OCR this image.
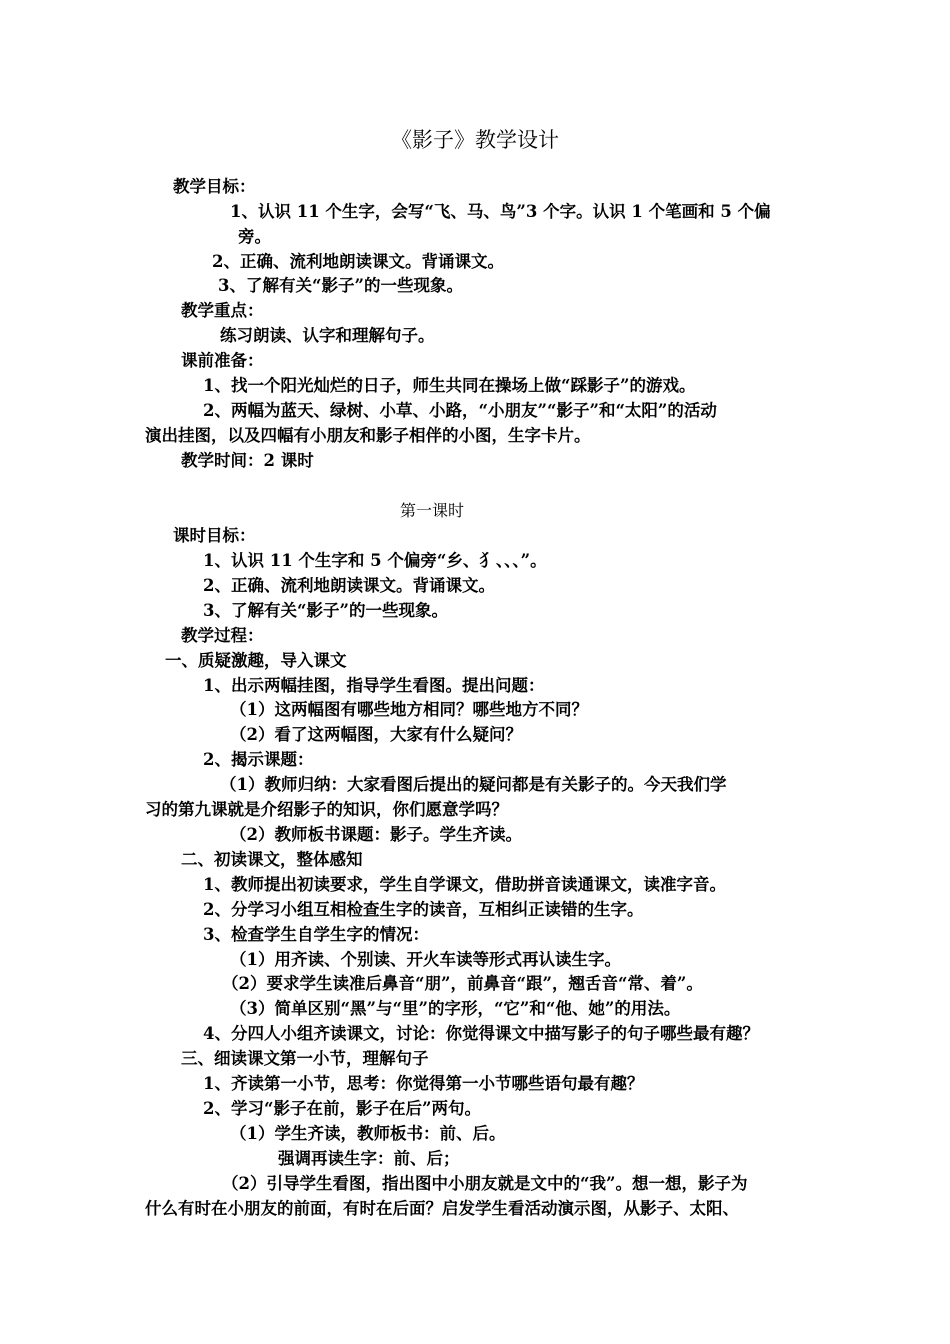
《影子》教学设计
教学目标：
1、认识 11 个生字，会写“飞、马、鸟”3 个字。认识 1 个笔画和 5 个偏
旁。
2、正确、流利地朗读课文。背诵课文。
3、了解有关“影子”的一些现象。
教学重点：
练习朗读、认字和理解句子。
课前准备：
1、找一个阳光灿烂的日子，师生共同在操场上做“踩影子”的游戏。
2、两幅为蓝天、绿树、小草、小路，“小朋友”“影子”和“太阳”的活动
演出挂图，以及四幅有小朋友和影子相伴的小图，生字卡片。
教学时间：2 课时
第一课时
课时目标：
1、认识 11 个生字和 5 个偏旁“乡、犭、、、”。
2、正确、流利地朗读课文。背诵课文。
3、了解有关“影子”的一些现象。
教学过程：
一、质疑激趣，导入课文
1、出示两幅挂图，指导学生看图。提出问题：
（1）这两幅图有哪些地方相同？哪些地方不同？
（2）看了这两幅图，大家有什么疑问？
2、揭示课题：
（1）教师归纳：大家看图后提出的疑问都是有关影子的。今天我们学
习的第九课就是介绍影子的知识，你们愿意学吗？
（2）教师板书课题：影子。学生齐读。
二、初读课文，整体感知
1、教师提出初读要求，学生自学课文，借助拼音读通课文，读准字音。
2、分学习小组互相检查生字的读音，互相纠正读错的生字。
3、检查学生自学生字的情况：
（1）用齐读、个别读、开火车读等形式再认读生字。
（2）要求学生读准后鼻音“朋”，前鼻音“跟”，翘舌音“常、着”。
（3）简单区别“黑”与“里”的字形，“它”和“他、她”的用法。
4、分四人小组齐读课文，讨论：你觉得课文中描写影子的句子哪些最有趣？
三、细读课文第一小节，理解句子
1、齐读第一小节，思考：你觉得第一小节哪些语句最有趣？
2、学习“影子在前，影子在后”两句。
（1）学生齐读，教师板书：前、后。
强调再读生字：前、后；
（2）引导学生看图，指出图中小朋友就是文中的“我”。想一想，影子为
什么有时在小朋友的前面，有时在后面？启发学生看活动演示图，从影子、太阳、
